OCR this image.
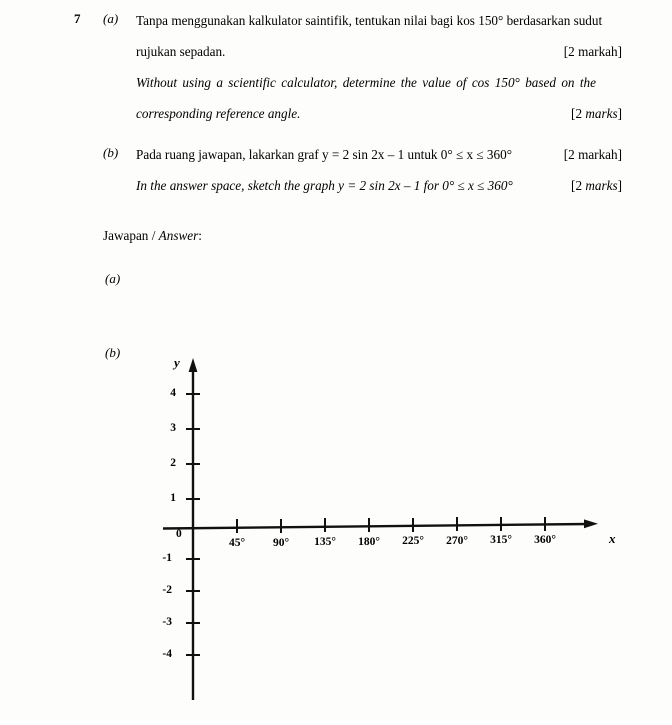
7 (a) Tanpa menggunakan kalkulator saintifik, tentukan nilai bagi kos 150° berdasarkan sudut
rujukan sepadan.	[2 markah]
Without using a scientific calculator, determine the value of cos 150° based on the
corresponding reference angle.	[2 marks]
(b) Pada ruang jawapan, lakarkan graf y = 2 sin 2x – 1 untuk 0° ≤ x ≤ 360°	[2 markah]
In the answer space, sketch the graph y = 2 sin 2x – 1 for 0° ≤ x ≤ 360°	[2 marks]
Jawapan / Answer:
(a)
(b)
y
x
0
45°	90°	135°	180°	225°	270°	315°	360°
4
3
2
1
-1
-2
-3
-4
